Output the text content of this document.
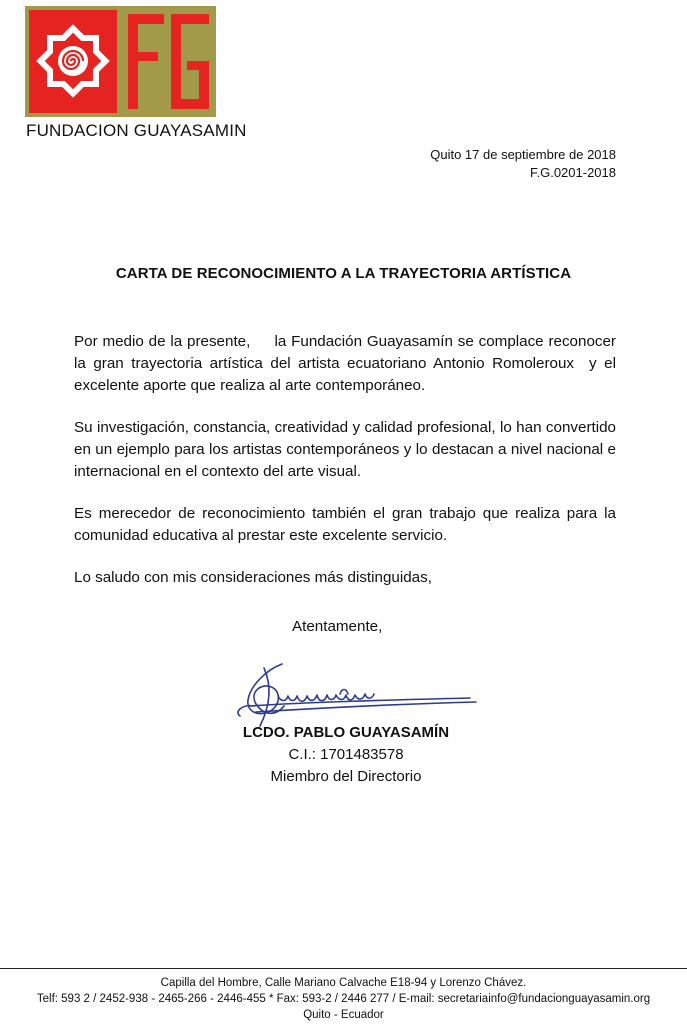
FUNDACION GUAYASAMIN
Quito 17 de septiembre de 2018
F.G.0201-2018
CARTA DE RECONOCIMIENTO A LA TRAYECTORIA ARTÍSTICA

Por medio de la presente,     la Fundación Guayasamín se complace reconocer la gran trayectoria artística del artista ecuatoriano Antonio Romoleroux  y el excelente aporte que realiza al arte contemporáneo.

Su investigación, constancia, creatividad y calidad profesional, lo han convertido en un ejemplo para los artistas contemporáneos y lo destacan a nivel nacional e internacional en el contexto del arte visual.

Es merecedor de reconocimiento también el gran trabajo que realiza para la comunidad educativa al prestar este excelente servicio.

Lo saludo con mis consideraciones más distinguidas,

Atentamente,
LCDO. PABLO GUAYASAMÍN
C.I.: 1701483578
Miembro del Directorio
Capilla del Hombre, Calle Mariano Calvache E18-94 y Lorenzo Chávez.
Telf: 593 2 / 2452-938 - 2465-266 - 2446-455 * Fax: 593-2 / 2446 277 / E-mail: secretariainfo@fundacionguayasamin.org
Quito - Ecuador
